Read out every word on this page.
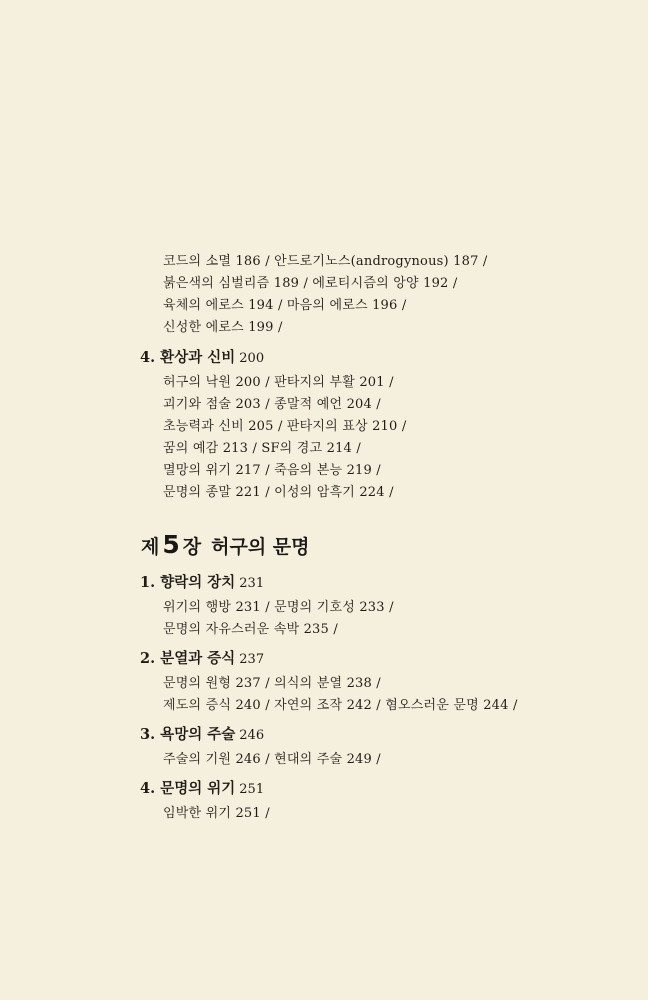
코드의 소멸 186 / 안드로기노스(androgynous) 187 /
붉은색의 심벌리즘 189 / 에로티시즘의 앙양 192 /
육체의 에로스 194 / 마음의 에로스 196 /
신성한 에로스 199 /
4. 환상과 신비 200
허구의 낙원 200 / 판타지의 부활 201 /
괴기와 점술 203 / 종말적 예언 204 /
초능력과 신비 205 / 판타지의 표상 210 /
꿈의 예감 213 / SF의 경고 214 /
멸망의 위기 217 / 죽음의 본능 219 /
문명의 종말 221 / 이성의 암흑기 224 /
제 5 장 허구의 문명
1. 향락의 장치 231
위기의 행방 231 / 문명의 기호성 233 /
문명의 자유스러운 속박 235 /
2. 분열과 증식 237
문명의 원형 237 / 의식의 분열 238 /
제도의 증식 240 / 자연의 조작 242 / 혐오스러운 문명 244 /
3. 욕망의 주술 246
주술의 기원 246 / 현대의 주술 249 /
4. 문명의 위기 251
임박한 위기 251 /
